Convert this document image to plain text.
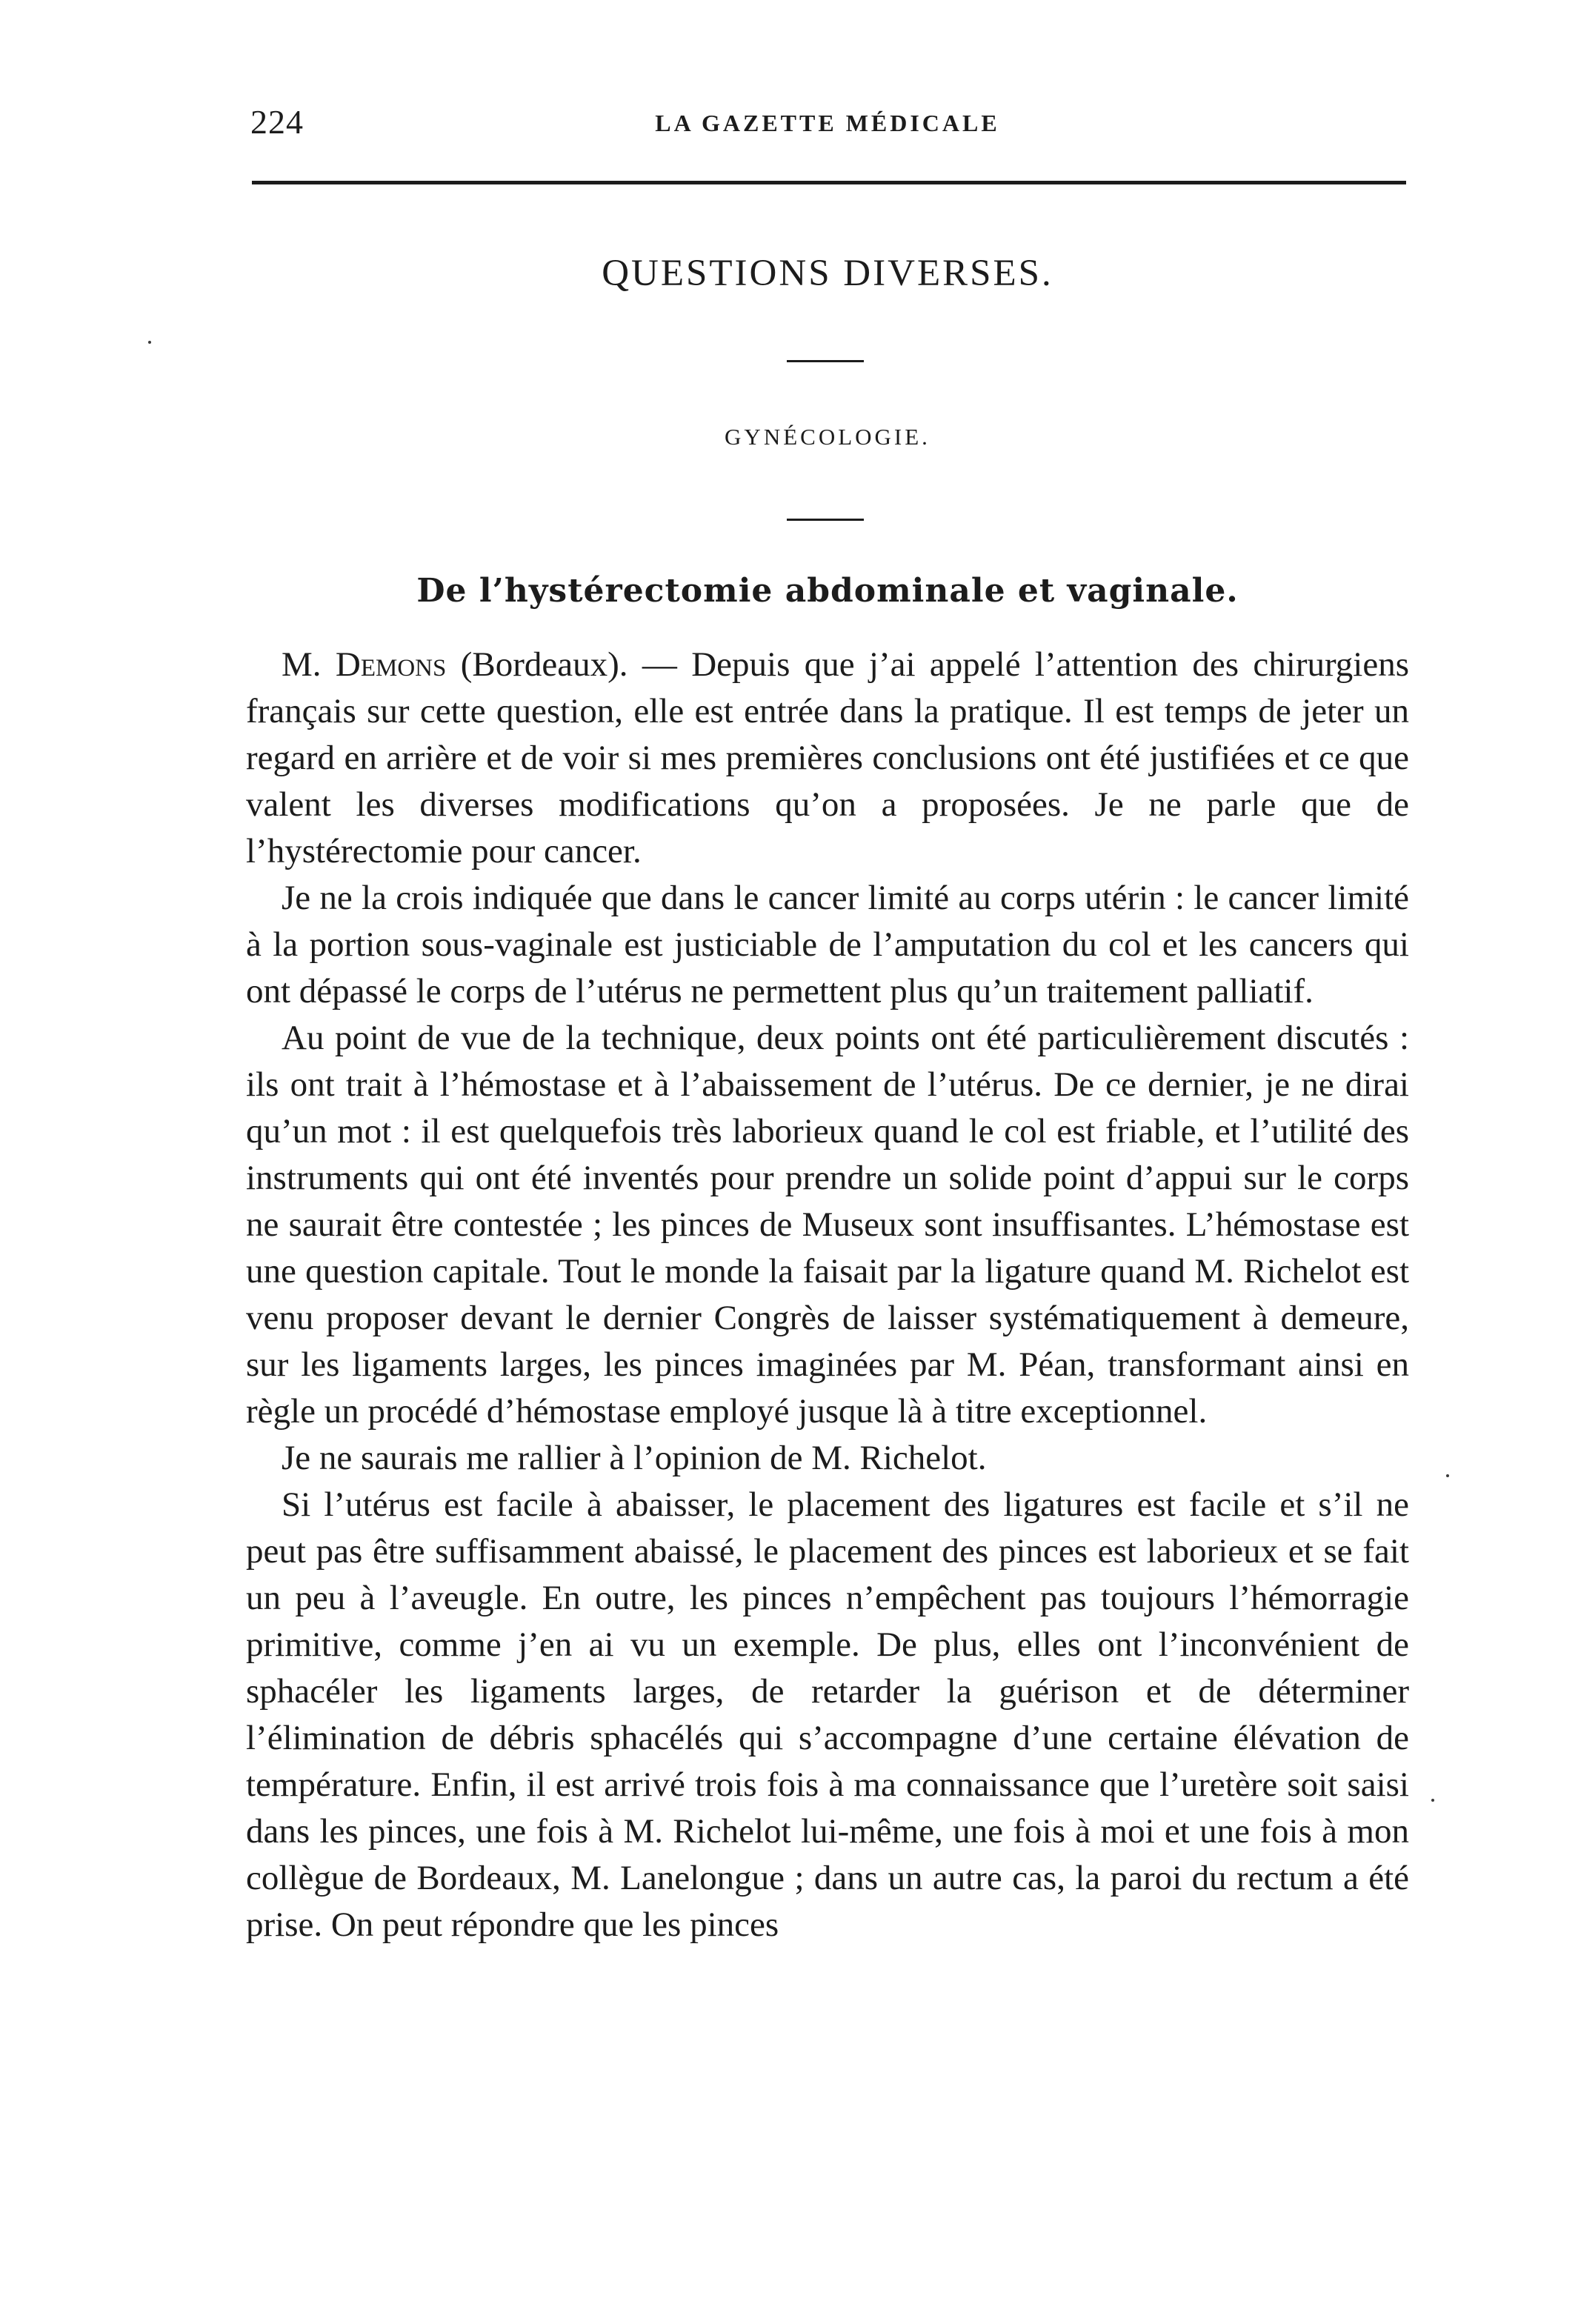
224	LA GAZETTE MÉDICALE
QUESTIONS DIVERSES.
GYNÉCOLOGIE.
De l’hystérectomie abdominale et vaginale.

M. Demons (Bordeaux). — Depuis que j’ai appelé l’attention des chirurgiens français sur cette question, elle est entrée dans la pratique. Il est temps de jeter un regard en arrière et de voir si mes premières conclusions ont été justifiées et ce que valent les diverses modifications qu’on a proposées. Je ne parle que de l’hystérectomie pour cancer.

Je ne la crois indiquée que dans le cancer limité au corps utérin : le cancer limité à la portion sous-vaginale est justiciable de l’amputation du col et les cancers qui ont dépassé le corps de l’utérus ne permettent plus qu’un traitement palliatif.

Au point de vue de la technique, deux points ont été particulièrement discutés : ils ont trait à l’hémostase et à l’abaissement de l’utérus. De ce dernier, je ne dirai qu’un mot : il est quelquefois très laborieux quand le col est friable, et l’utilité des instruments qui ont été inventés pour prendre un solide point d’appui sur le corps ne saurait être contestée ; les pinces de Museux sont insuffisantes. L’hémostase est une question capitale. Tout le monde la faisait par la ligature quand M. Richelot est venu proposer devant le dernier Congrès de laisser systématiquement à demeure, sur les ligaments larges, les pinces imaginées par M. Péan, transformant ainsi en règle un procédé d’hémostase employé jusque là à titre exceptionnel.

Je ne saurais me rallier à l’opinion de M. Richelot.

Si l’utérus est facile à abaisser, le placement des ligatures est facile et s’il ne peut pas être suffisamment abaissé, le placement des pinces est laborieux et se fait un peu à l’aveugle. En outre, les pinces n’empêchent pas toujours l’hémorragie primitive, comme j’en ai vu un exemple. De plus, elles ont l’inconvénient de sphacéler les ligaments larges, de retarder la guérison et de déterminer l’élimination de débris sphacélés qui s’accompagne d’une certaine élévation de température. Enfin, il est arrivé trois fois à ma connaissance que l’uretère soit saisi dans les pinces, une fois à M. Richelot lui-même, une fois à moi et une fois à mon collègue de Bordeaux, M. Lanelongue ; dans un autre cas, la paroi du rectum a été prise. On peut répondre que les pinces
